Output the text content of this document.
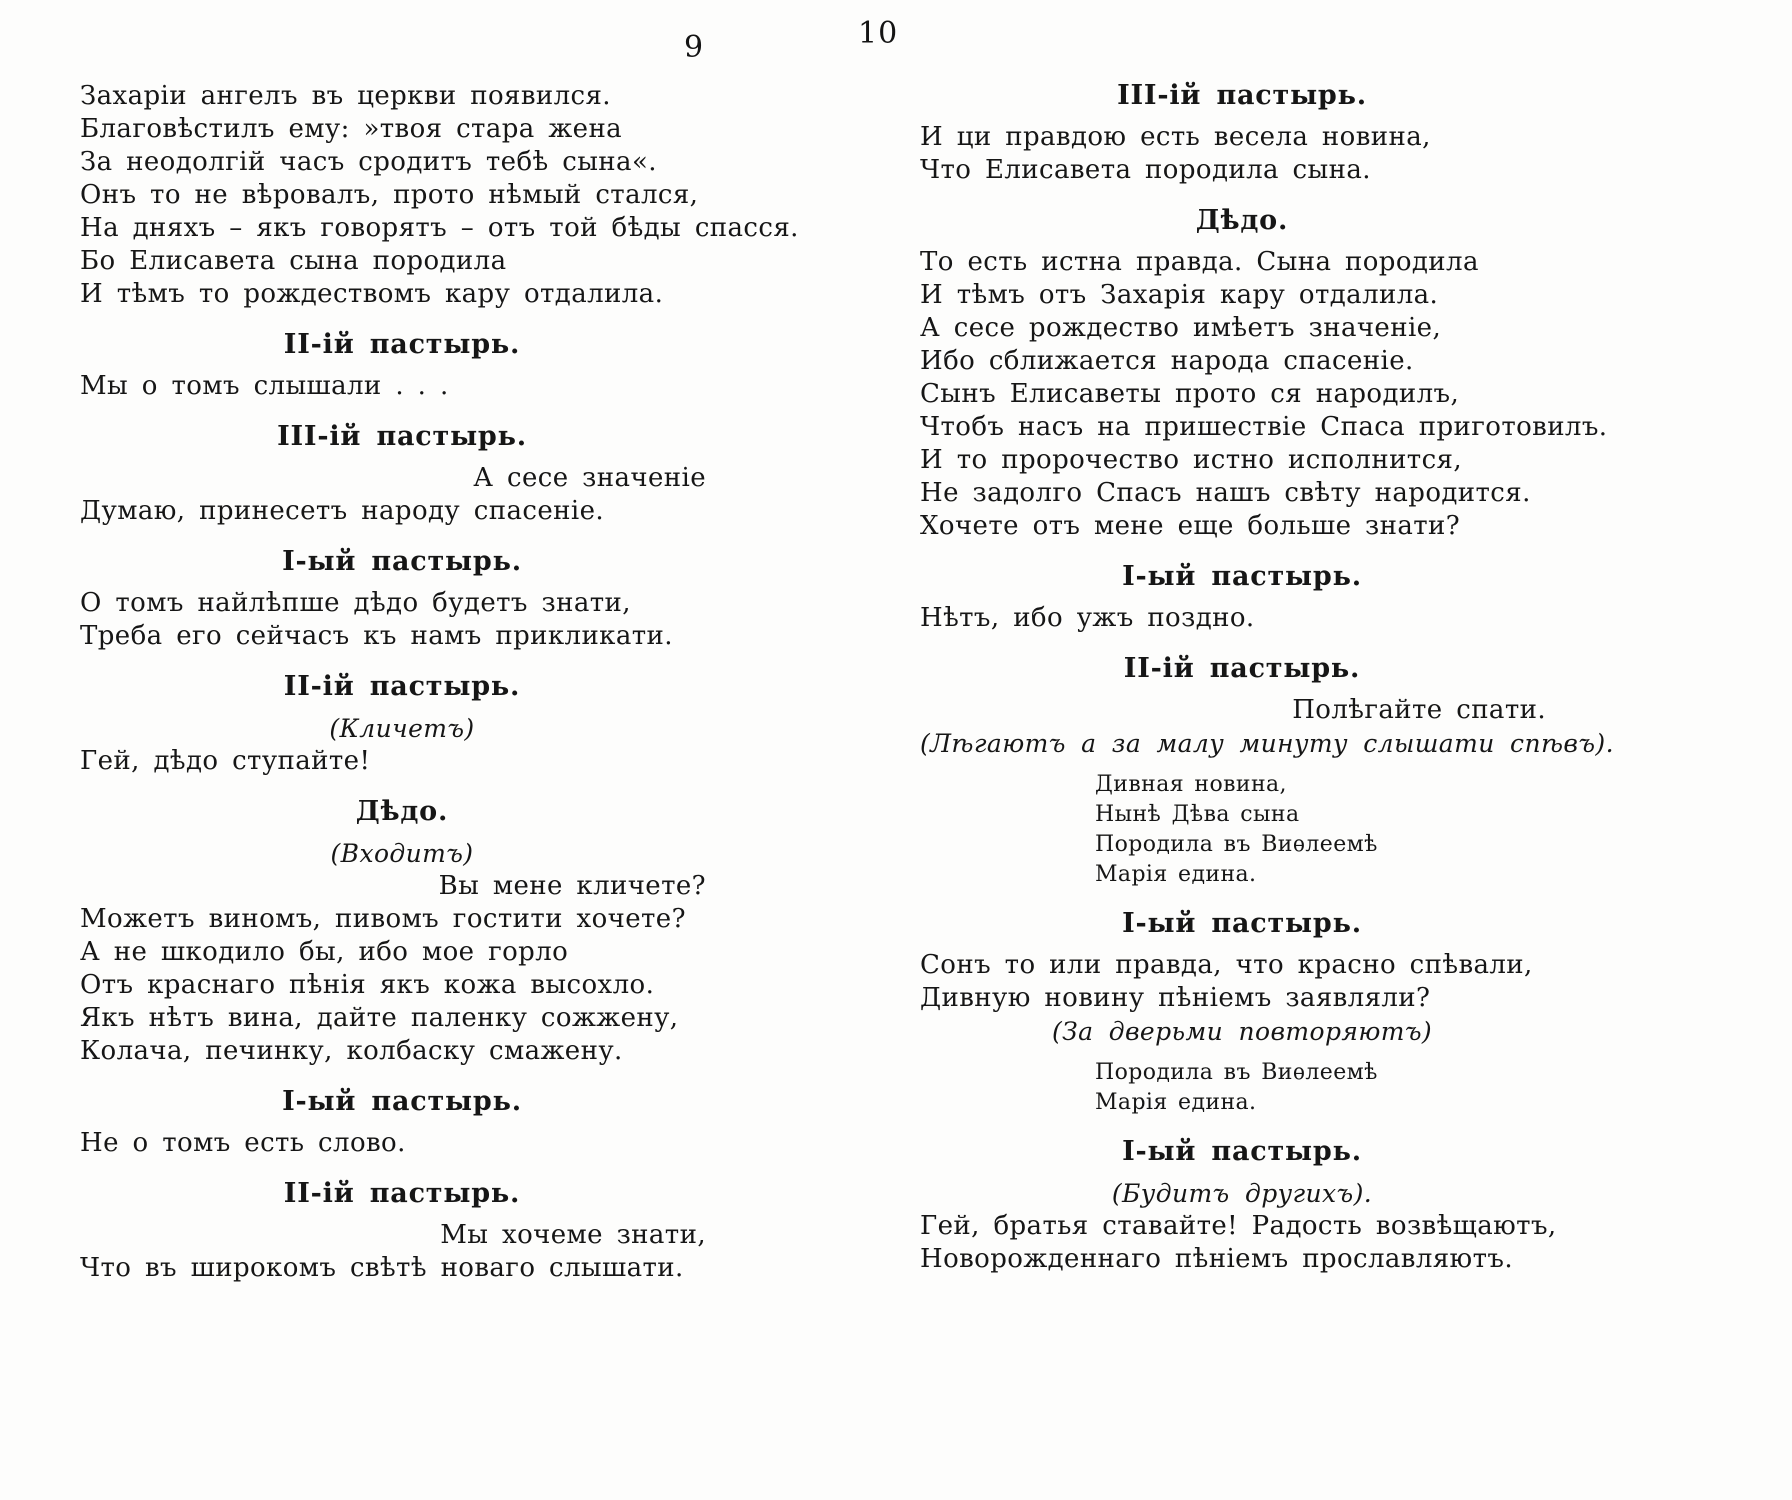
9	10
Захаріи ангелъ въ церкви появился.
Благовѣстилъ ему: »твоя стара жена
За неодолгій часъ сродитъ тебѣ сына«.
Онъ то не вѣровалъ, прото нѣмый стался,
На дняхъ – якъ говорятъ – отъ той бѣды спасся.
Бо Елисавета сына породила
И тѣмъ то рождествомъ кару отдалила.
II-ій пастырь.
Мы о томъ слышали . . .
III-ій пастырь.
А сесе значеніе
Думаю, принесетъ народу спасеніе.
I-ый пастырь.
О томъ найлѣпше дѣдо будетъ знати,
Треба его сейчасъ къ намъ прикликати.
II-ій пастырь.
(Кличетъ)
Гей, дѣдо ступайте!
Дѣдо.
(Входитъ)
Вы мене кличете?
Можетъ виномъ, пивомъ гостити хочете?
А не шкодило бы, ибо мое горло
Отъ краснаго пѣнія якъ кожа высохло.
Якъ нѣтъ вина, дайте паленку сожжену,
Колача, печинку, колбаску смажену.
I-ый пастырь.
Не о томъ есть слово.
II-ій пастырь.
Мы хочеме знати,
Что въ широкомъ свѣтѣ новаго слышати.
III-ій пастырь.
И ци правдою есть весела новина,
Что Елисавета породила сына.
Дѣдо.
То есть истна правда. Сына породила
И тѣмъ отъ Захарія кару отдалила.
А сесе рождество имѣетъ значеніе,
Ибо сближается народа спасеніе.
Сынъ Елисаветы прото ся народилъ,
Чтобъ насъ на пришествіе Спаса приготовилъ.
И то пророчество истно исполнится,
Не задолго Спасъ нашъ свѣту народится.
Хочете отъ мене еще больше знати?
I-ый пастырь.
Нѣтъ, ибо ужъ поздно.
II-ій пастырь.
Полѣгайте спати.
(Лѣгаютъ а за малу минуту слышати спѣвъ).
Дивная новина,
Нынѣ Дѣва сына
Породила въ Виѳлеемѣ
Марія едина.
I-ый пастырь.
Сонъ то или правда, что красно спѣвали,
Дивную новину пѣніемъ заявляли?
(За дверьми повторяютъ)
Породила въ Виѳлеемѣ
Марія едина.
I-ый пастырь.
(Будитъ другихъ).
Гей, братья ставайте! Радость возвѣщаютъ,
Новорожденнаго пѣніемъ прославляютъ.
